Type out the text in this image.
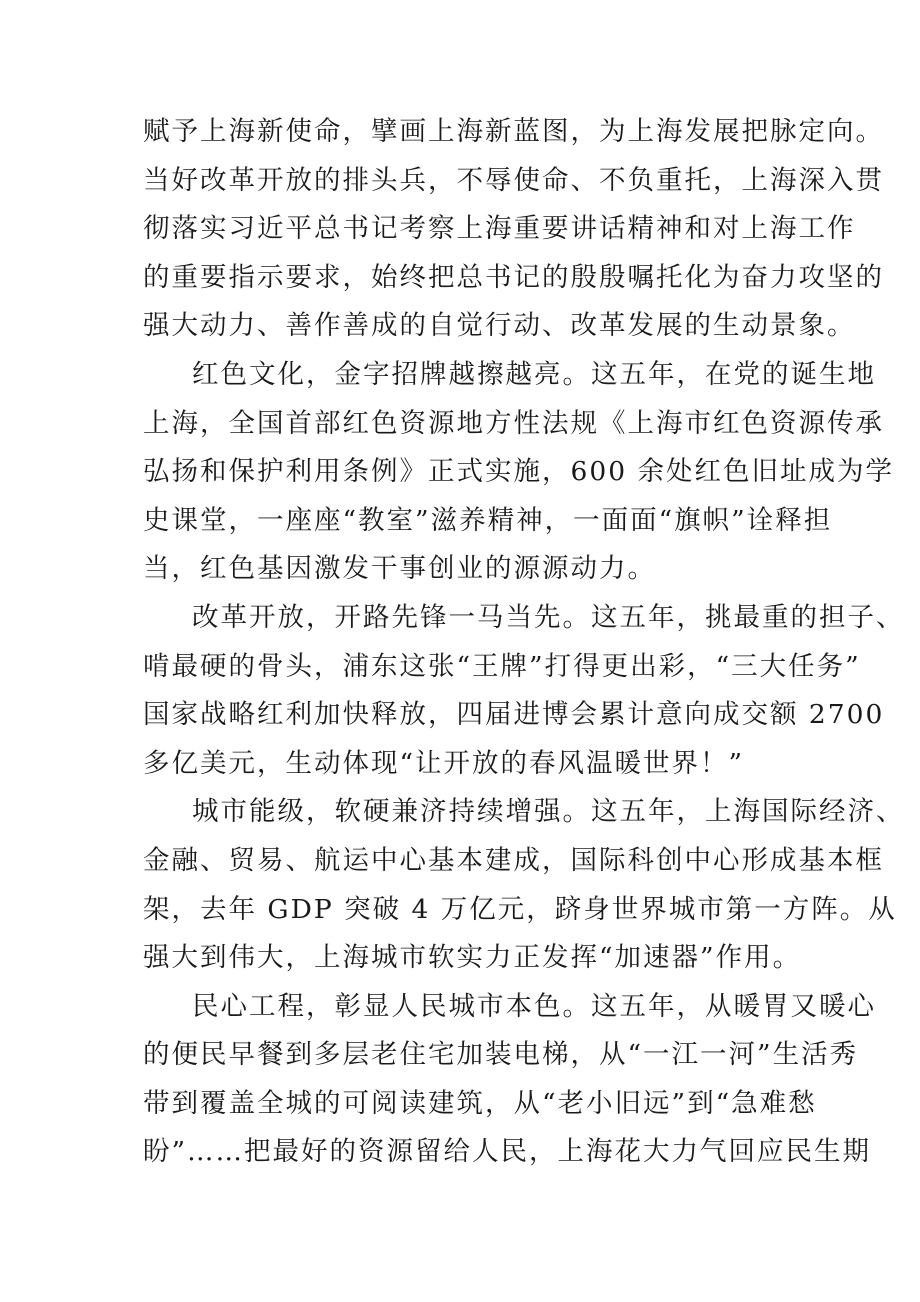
赋予上海新使命，擘画上海新蓝图，为上海发展把脉定向。
当好改革开放的排头兵，不辱使命、不负重托，上海深入贯
彻落实习近平总书记考察上海重要讲话精神和对上海工作
的重要指示要求，始终把总书记的殷殷嘱托化为奋力攻坚的
强大动力、善作善成的自觉行动、改革发展的生动景象。
红色文化，金字招牌越擦越亮。这五年，在党的诞生地
上海，全国首部红色资源地方性法规《上海市红色资源传承
弘扬和保护利用条例》正式实施，600 余处红色旧址成为学
史课堂，一座座“教室”滋养精神，一面面“旗帜”诠释担
当，红色基因激发干事创业的源源动力。
改革开放，开路先锋一马当先。这五年，挑最重的担子、
啃最硬的骨头，浦东这张“王牌”打得更出彩，“三大任务”
国家战略红利加快释放，四届进博会累计意向成交额 2700
多亿美元，生动体现“让开放的春风温暖世界！”
城市能级，软硬兼济持续增强。这五年，上海国际经济、
金融、贸易、航运中心基本建成，国际科创中心形成基本框
架，去年 GDP 突破 4 万亿元，跻身世界城市第一方阵。从
强大到伟大，上海城市软实力正发挥“加速器”作用。
民心工程，彰显人民城市本色。这五年，从暖胃又暖心
的便民早餐到多层老住宅加装电梯，从“一江一河”生活秀
带到覆盖全城的可阅读建筑，从“老小旧远”到“急难愁
盼”……把最好的资源留给人民，上海花大力气回应民生期
